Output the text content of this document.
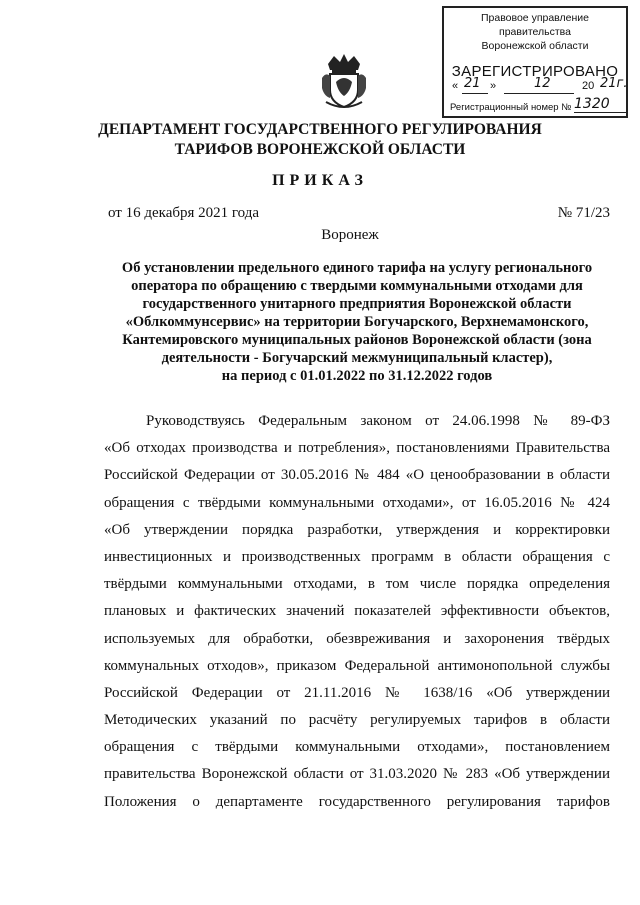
Правовое управление правительства
Воронежской области
ЗАРЕГИСТРИРОВАНО
« 21 »	12	20 21г.
Регистрационный номер № 1320
ДЕПАРТАМЕНТ ГОСУДАРСТВЕННОГО РЕГУЛИРОВАНИЯ
ТАРИФОВ ВОРОНЕЖСКОЙ ОБЛАСТИ
ПРИКАЗ
от 16 декабря 2021 года	№ 71/23
Воронеж
Об установлении предельного единого тарифа на услугу регионального
оператора по обращению с твердыми коммунальными отходами для
государственного унитарного предприятия Воронежской области
«Облкоммунсервис» на территории Богучарского, Верхнемамонского,
Кантемировского муниципальных районов Воронежской области (зона
деятельности - Богучарский межмуниципальный кластер),
на период с 01.01.2022 по 31.12.2022 годов
Руководствуясь Федеральным законом от 24.06.1998 № 89-ФЗ
«Об отходах производства и потребления», постановлениями Правительства
Российской Федерации от 30.05.2016 № 484 «О ценообразовании в области
обращения с твёрдыми коммунальными отходами», от 16.05.2016 № 424
«Об утверждении порядка разработки, утверждения и корректировки
инвестиционных и производственных программ в области обращения с
твёрдыми коммунальными отходами, в том числе порядка определения
плановых и фактических значений показателей эффективности объектов,
используемых для обработки, обезвреживания и захоронения твёрдых
коммунальных отходов», приказом Федеральной антимонопольной службы
Российской Федерации от 21.11.2016 № 1638/16 «Об утверждении
Методических указаний по расчёту регулируемых тарифов в области
обращения с твёрдыми коммунальными отходами», постановлением
правительства Воронежской области от 31.03.2020 № 283 «Об утверждении
Положения о департаменте государственного регулирования тарифов
